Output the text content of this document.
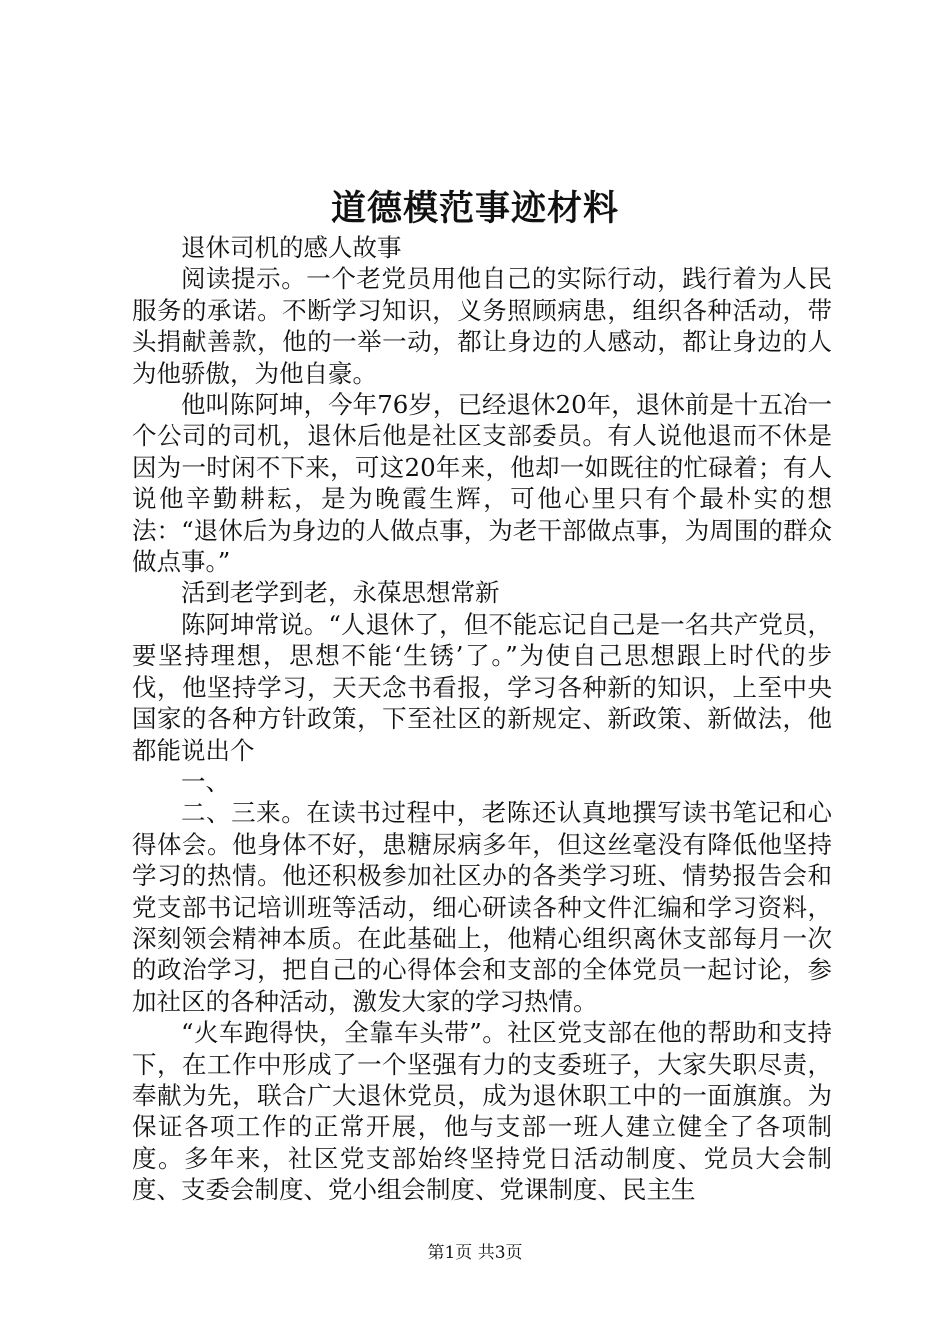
道德模范事迹材料

退休司机的感人故事

阅读提示。一个老党员用他自己的实际行动，践行着为人民服务的承诺。不断学习知识，义务照顾病患，组织各种活动，带头捐献善款，他的一举一动，都让身边的人感动，都让身边的人为他骄傲，为他自豪。

他叫陈阿坤，今年76岁，已经退休20年，退休前是十五冶一个公司的司机，退休后他是社区支部委员。有人说他退而不休是因为一时闲不下来，可这20年来，他却一如既往的忙碌着；有人说他辛勤耕耘，是为晚霞生辉，可他心里只有个最朴实的想法：“退休后为身边的人做点事，为老干部做点事，为周围的群众做点事。”

活到老学到老，永葆思想常新

陈阿坤常说。“人退休了，但不能忘记自己是一名共产党员，要坚持理想，思想不能‘生锈’了。”为使自己思想跟上时代的步伐，他坚持学习，天天念书看报，学习各种新的知识，上至中央国家的各种方针政策，下至社区的新规定、新政策、新做法，他都能说出个

一、

二、三来。在读书过程中，老陈还认真地撰写读书笔记和心得体会。他身体不好，患糖尿病多年，但这丝毫没有降低他坚持学习的热情。他还积极参加社区办的各类学习班、情势报告会和党支部书记培训班等活动，细心研读各种文件汇编和学习资料，深刻领会精神本质。在此基础上，他精心组织离休支部每月一次的政治学习，把自己的心得体会和支部的全体党员一起讨论，参加社区的各种活动，激发大家的学习热情。

“火车跑得快，全靠车头带”。社区党支部在他的帮助和支持下，在工作中形成了一个坚强有力的支委班子，大家失职尽责，奉献为先，联合广大退休党员，成为退休职工中的一面旗旗。为保证各项工作的正常开展，他与支部一班人建立健全了各项制度。多年来，社区党支部始终坚持党日活动制度、党员大会制度、支委会制度、党小组会制度、党课制度、民主生

第1页 共3页
